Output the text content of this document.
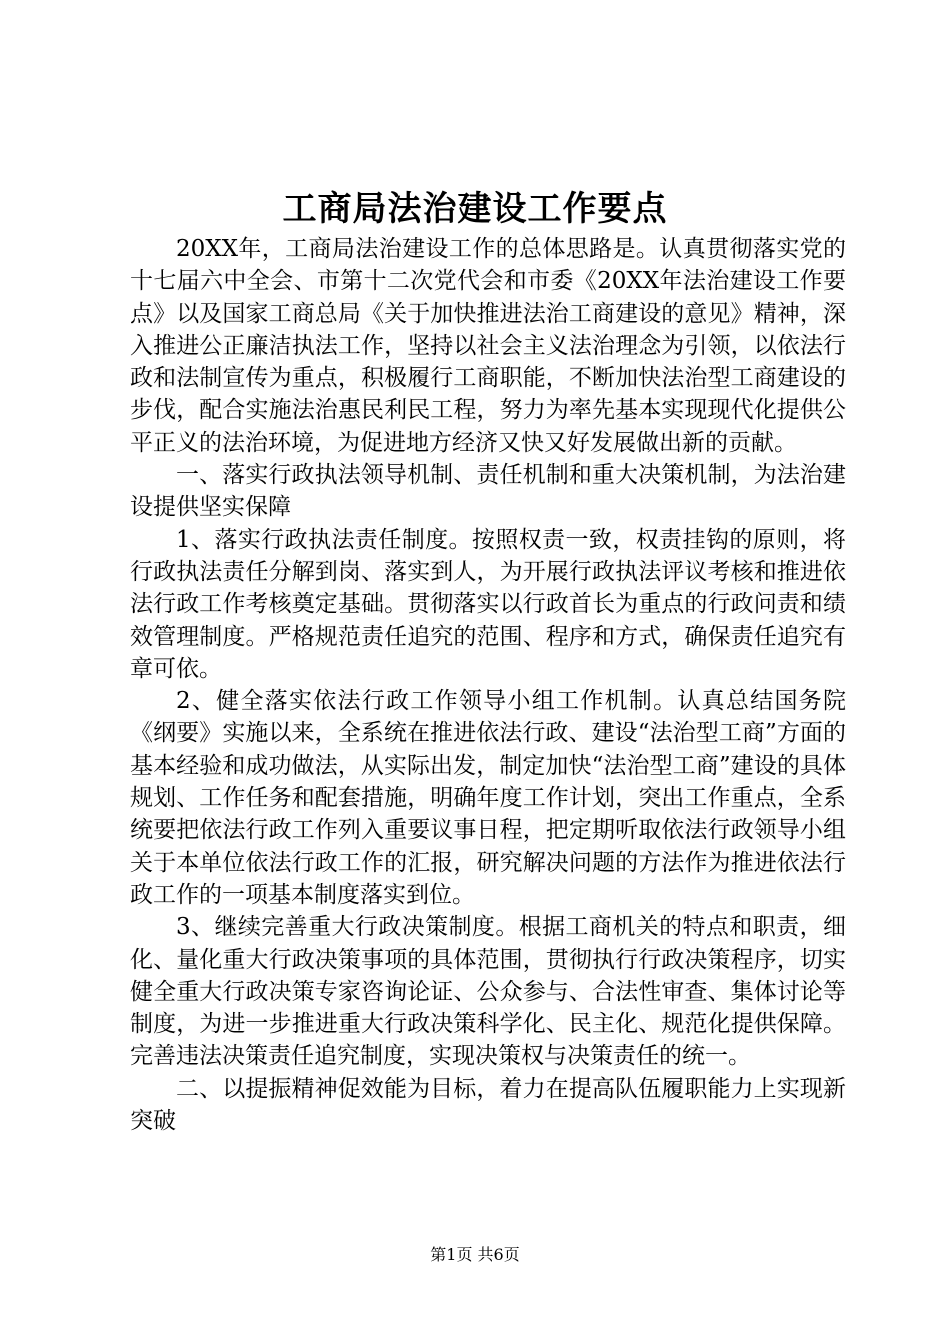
工商局法治建设工作要点

20XX年，工商局法治建设工作的总体思路是。认真贯彻落实党的十七届六中全会、市第十二次党代会和市委《20XX年法治建设工作要点》以及国家工商总局《关于加快推进法治工商建设的意见》精神，深入推进公正廉洁执法工作，坚持以社会主义法治理念为引领，以依法行政和法制宣传为重点，积极履行工商职能，不断加快法治型工商建设的步伐，配合实施法治惠民利民工程，努力为率先基本实现现代化提供公平正义的法治环境，为促进地方经济又快又好发展做出新的贡献。

一、落实行政执法领导机制、责任机制和重大决策机制，为法治建设提供坚实保障

1、落实行政执法责任制度。按照权责一致，权责挂钩的原则，将行政执法责任分解到岗、落实到人，为开展行政执法评议考核和推进依法行政工作考核奠定基础。贯彻落实以行政首长为重点的行政问责和绩效管理制度。严格规范责任追究的范围、程序和方式，确保责任追究有章可依。

2、健全落实依法行政工作领导小组工作机制。认真总结国务院《纲要》实施以来，全系统在推进依法行政、建设“法治型工商”方面的基本经验和成功做法，从实际出发，制定加快“法治型工商”建设的具体规划、工作任务和配套措施，明确年度工作计划，突出工作重点，全系统要把依法行政工作列入重要议事日程，把定期听取依法行政领导小组关于本单位依法行政工作的汇报，研究解决问题的方法作为推进依法行政工作的一项基本制度落实到位。

3、继续完善重大行政决策制度。根据工商机关的特点和职责，细化、量化重大行政决策事项的具体范围，贯彻执行行政决策程序，切实健全重大行政决策专家咨询论证、公众参与、合法性审查、集体讨论等制度，为进一步推进重大行政决策科学化、民主化、规范化提供保障。完善违法决策责任追究制度，实现决策权与决策责任的统一。

二、以提振精神促效能为目标，着力在提高队伍履职能力上实现新突破

第1页 共6页
